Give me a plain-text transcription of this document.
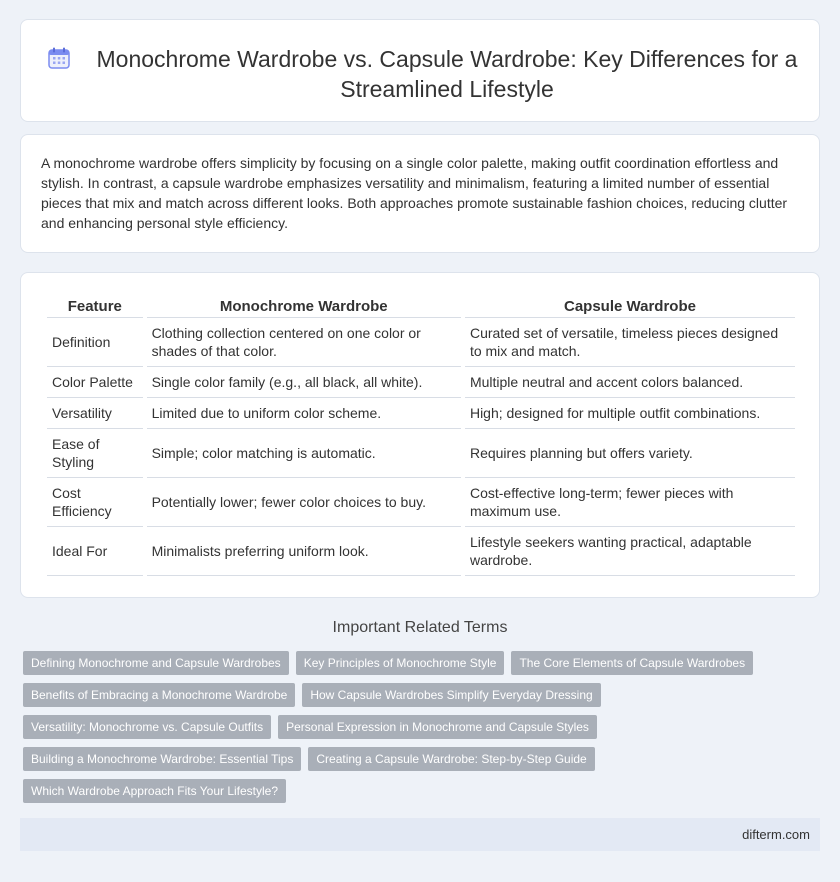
Monochrome Wardrobe vs. Capsule Wardrobe: Key Differences for a Streamlined Lifestyle

A monochrome wardrobe offers simplicity by focusing on a single color palette, making outfit coordination effortless and stylish. In contrast, a capsule wardrobe emphasizes versatility and minimalism, featuring a limited number of essential pieces that mix and match across different looks. Both approaches promote sustainable fashion choices, reducing clutter and enhancing personal style efficiency.

Feature	Monochrome Wardrobe	Capsule Wardrobe
Definition	Clothing collection centered on one color or shades of that color.	Curated set of versatile, timeless pieces designed to mix and match.
Color Palette	Single color family (e.g., all black, all white).	Multiple neutral and accent colors balanced.
Versatility	Limited due to uniform color scheme.	High; designed for multiple outfit combinations.
Ease of Styling	Simple; color matching is automatic.	Requires planning but offers variety.
Cost Efficiency	Potentially lower; fewer color choices to buy.	Cost-effective long-term; fewer pieces with maximum use.
Ideal For	Minimalists preferring uniform look.	Lifestyle seekers wanting practical, adaptable wardrobe.
Important Related Terms
Defining Monochrome and Capsule Wardrobes	Key Principles of Monochrome Style	The Core Elements of Capsule Wardrobes
Benefits of Embracing a Monochrome Wardrobe	How Capsule Wardrobes Simplify Everyday Dressing
Versatility: Monochrome vs. Capsule Outfits	Personal Expression in Monochrome and Capsule Styles
Building a Monochrome Wardrobe: Essential Tips	Creating a Capsule Wardrobe: Step-by-Step Guide
Which Wardrobe Approach Fits Your Lifestyle?
difterm.com
